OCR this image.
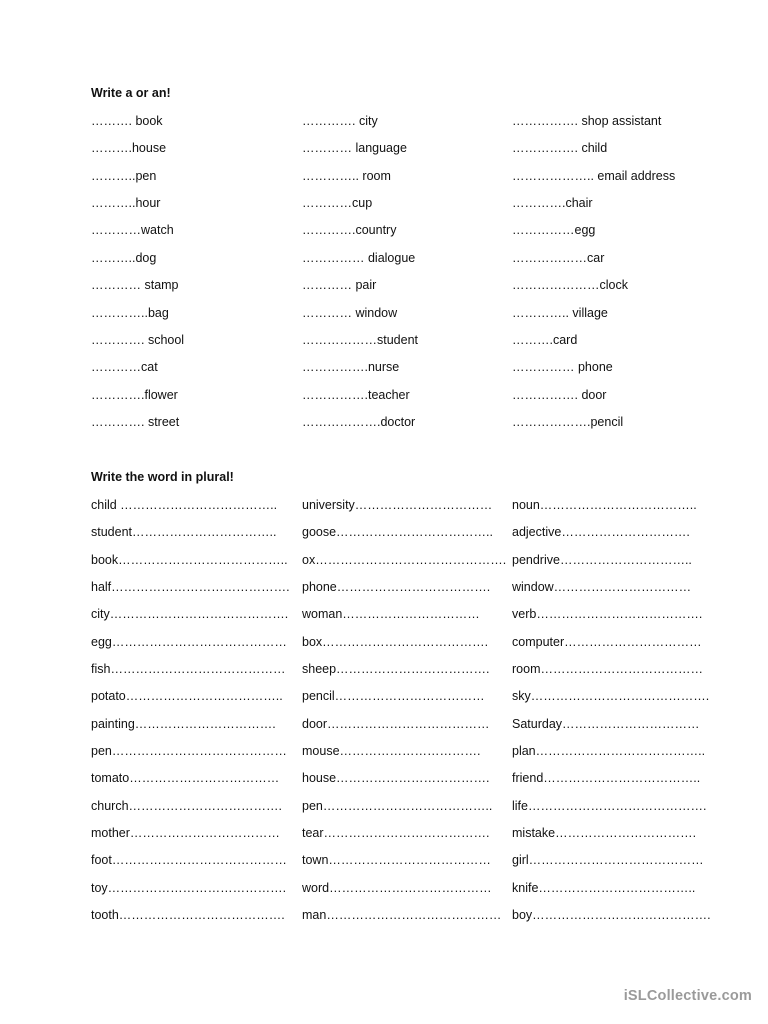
Write a or an!
………. book	…………. city	……………. shop assistant
……….house	………… language	……………. child
………..pen	………….. room	……………….. email address
………..hour	…………cup	………….chair
…………watch	………….country	……………egg
………..dog	…………… dialogue	………………car
………… stamp	………… pair	…………………clock
…………..bag	………… window	………….. village
…………. school	………………student	……….card
…………cat	…………….nurse	…………… phone
………….flower	…………….teacher	……………. door
…………. street	……………….doctor	……………….pencil
Write the word in plural!
child ……………………………….. university…………………………… noun………………………………..
student…………………………….. goose……………………………….. adjective………………………….
book………………………………….. ox………………………………………. pendrive…………………………..
half……………………………………. phone………………………………. window……………………………
city……………………………………. woman……………………………	verb………………………………….
egg…………………………………… box…………………………………. computer……………………………
fish…………………………………… sheep………………………………. room…………………………………
potato……………………………….. pencil……………………………… sky…………………………………….
painting……………………………. door………………………………… Saturday……………………………
pen…………………………………… mouse…………………………….	plan…………………………………..
tomato……………………………… house………………………………. friend………………………………..
church………………………………. pen………………………………….. life…………………………………….
mother……………………………… tear…………………………………. mistake…………………………….
foot…………………………………… town………………………………… girl……………………………………
toy……………………………………. word………………………………… knife………………………………..
tooth…………………………………. man…………………………………… boy…………………………………….
iSLCollective.com
